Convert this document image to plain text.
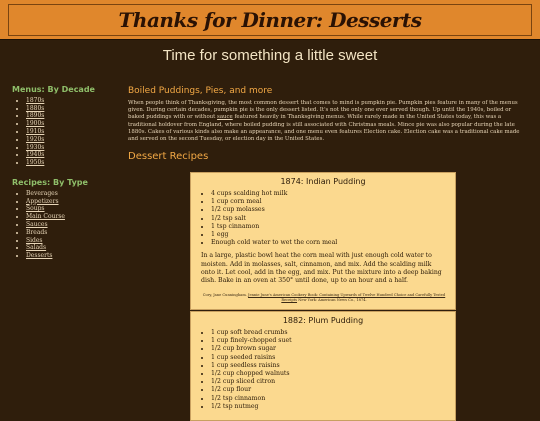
Thanks for Dinner: Desserts
Time for something a little sweet
Menus: By Decade
• 1870s
• 1880s
• 1890s
• 1900s
• 1910s
• 1920s
• 1930s
• 1940s
• 1950s
Recipes: By Type
• Beverages
• Appetizers
• Soups
• Main Course
• Sauces
• Breads
• Sides
• Salads
• Desserts
Boiled Puddings, Pies, and more

When people think of Thanksgiving, the most common dessert that comes to mind is pumpkin pie. Pumpkin pies feature in many of the menus given. During certain decades, pumpkin pie is the only dessert listed. It's not the only one ever served though. Up until the 1940s, boiled or baked puddings with or without sauce featured heavily in Thanksgiving menus. While rarely made in the United States today, this was a traditional holdover from England, where boiled pudding is still associated with Christmas meals. Mince pie was also popular during the late 1880s. Cakes of various kinds also make an appearance, and one menu even features Election cake. Election cake was a traditional cake made and served on the second Tuesday, or election day in the United States.

Dessert Recipes
1874: Indian Pudding
• 4 cups scalding hot milk
• 1 cup corn meal
• 1/2 cup molasses
• 1/2 tsp salt
• 1 tsp cinnamon
• 1 egg
• Enough cold water to wet the corn meal

In a large, plastic bowl heat the corn meal with just enough cold water to moisten. Add in molasses, salt, cinnamon, and mix. Add the scalding milk onto it. Let cool, add in the egg, and mix. Put the mixture into a deep baking dish. Bake in an oven at 350° until done, up to an hour and a half.

Cory, Jane Cunningham. Jennie June's American Cookery Book: Containing Upwards of Twelve Hundred Choice and Carefully Tested Receipts New York: American News Co., 1874.

1882: Plum Pudding
• 1 cup soft bread crumbs
• 1 cup finely-chopped suet
• 1/2 cup brown sugar
• 1 cup seeded raisins
• 1 cup seedless raisins
• 1/2 cup chopped walnuts
• 1/2 cup sliced citron
• 1/2 cup flour
• 1/2 tsp cinnamon
• 1/2 tsp nutmeg
